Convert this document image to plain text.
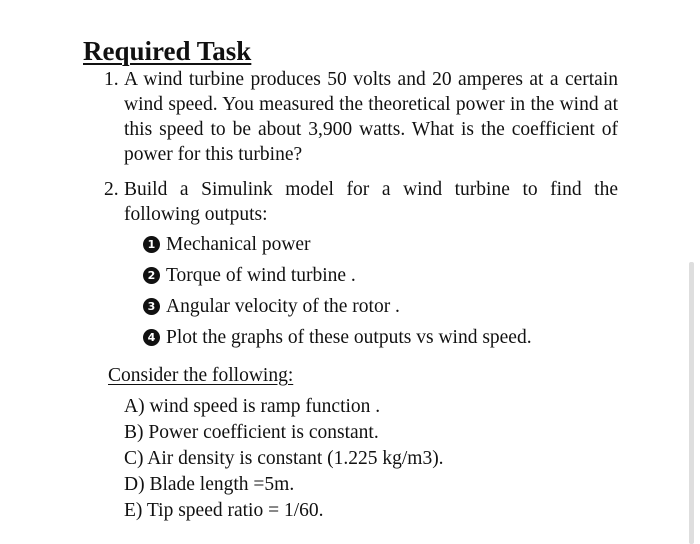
Required Task
1. A wind turbine produces 50 volts and 20 amperes at a certain wind speed. You measured the theoretical power in the wind at this speed to be about 3,900 watts. What is the coefficient of power for this turbine?
2. Build a Simulink model for a wind turbine to find the following outputs:
1 Mechanical power
2 Torque of wind turbine .
3 Angular velocity of the rotor .
4 Plot the graphs of these outputs vs wind speed.
Consider the following:
A) wind speed is ramp function .
B) Power coefficient is constant.
C) Air density is constant (1.225 kg/m3).
D) Blade length =5m.
E) Tip speed ratio = 1/60.
